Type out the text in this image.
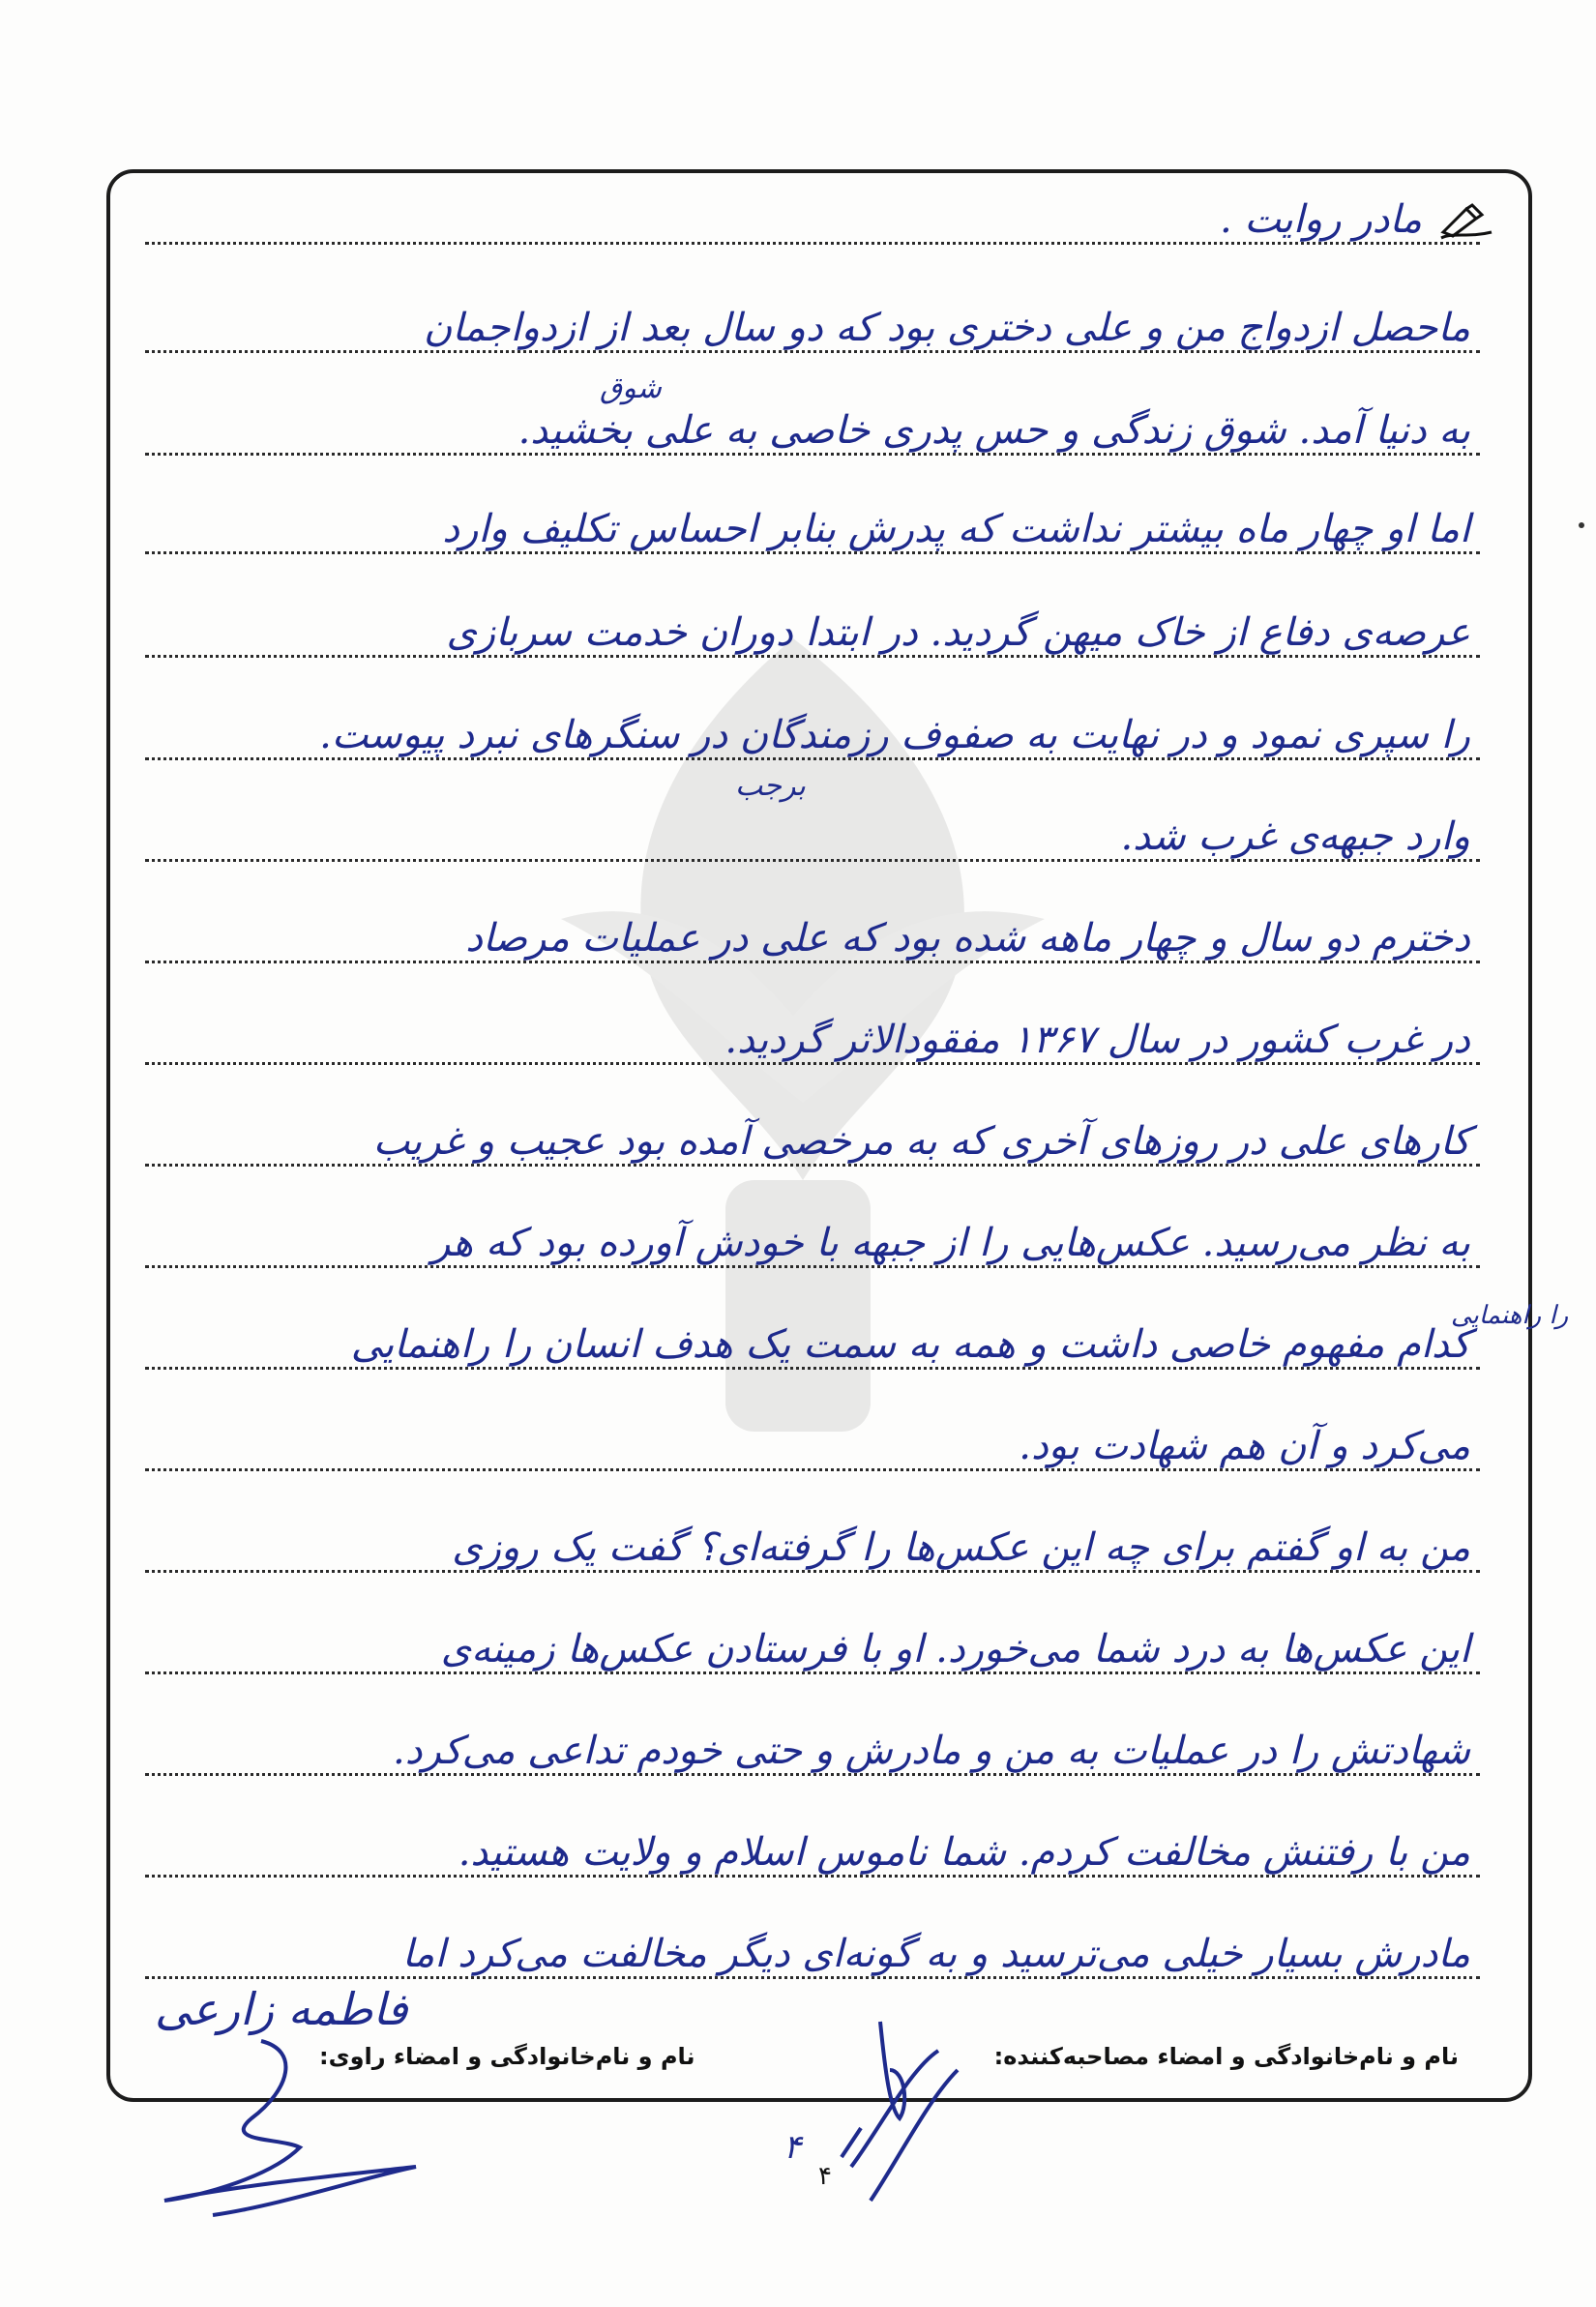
مادر روایت .
ماحصل ازدواج من و علی دختری بود که دو سال بعد از ازدواجمان
به دنیا آمد. شوق زندگی و حس پدری خاصی به علی بخشید.
اما او چهار ماه بیشتر نداشت که پدرش بنابر احساس تکلیف وارد
عرصه‌ی دفاع از خاک میهن گردید. در ابتدا دوران خدمت سربازی
را سپری نمود و در نهایت به صفوف رزمندگان در سنگرهای نبرد پیوست.
وارد جبهه‌ی غرب شد.
دخترم دو سال و چهار ماهه شده بود که علی در عملیات مرصاد
در غرب کشور در سال ۱۳۶۷ مفقودالاثر گردید.
کارهای علی در روزهای آخری که به مرخصی آمده بود عجیب و غریب
به نظر می‌رسید. عکس‌هایی را از جبهه با خودش آورده بود که هر
کدام مفهوم خاصی داشت و همه به سمت یک هدف انسان را راهنمایی
می‌کرد و آن هم شهادت بود.
من به او گفتم برای چه این عکس‌ها را گرفته‌ای؟ گفت یک روزی
این عکس‌ها به درد شما می‌خورد. او با فرستادن عکس‌ها زمینه‌ی
شهادتش را در عملیات به من و مادرش و حتی خودم تداعی می‌کرد.
من با رفتنش مخالفت کردم. شما ناموس اسلام و ولایت هستید.
مادرش بسیار خیلی می‌ترسید و به گونه‌ای دیگر مخالفت می‌کرد اما
شوق
برجب
را راهنمایی
نام و نام‌خانوادگی و امضاء مصاحبه‌کننده:
نام و نام‌خانوادگی و امضاء راوی:
فاطمه زارعی
۴
۴
